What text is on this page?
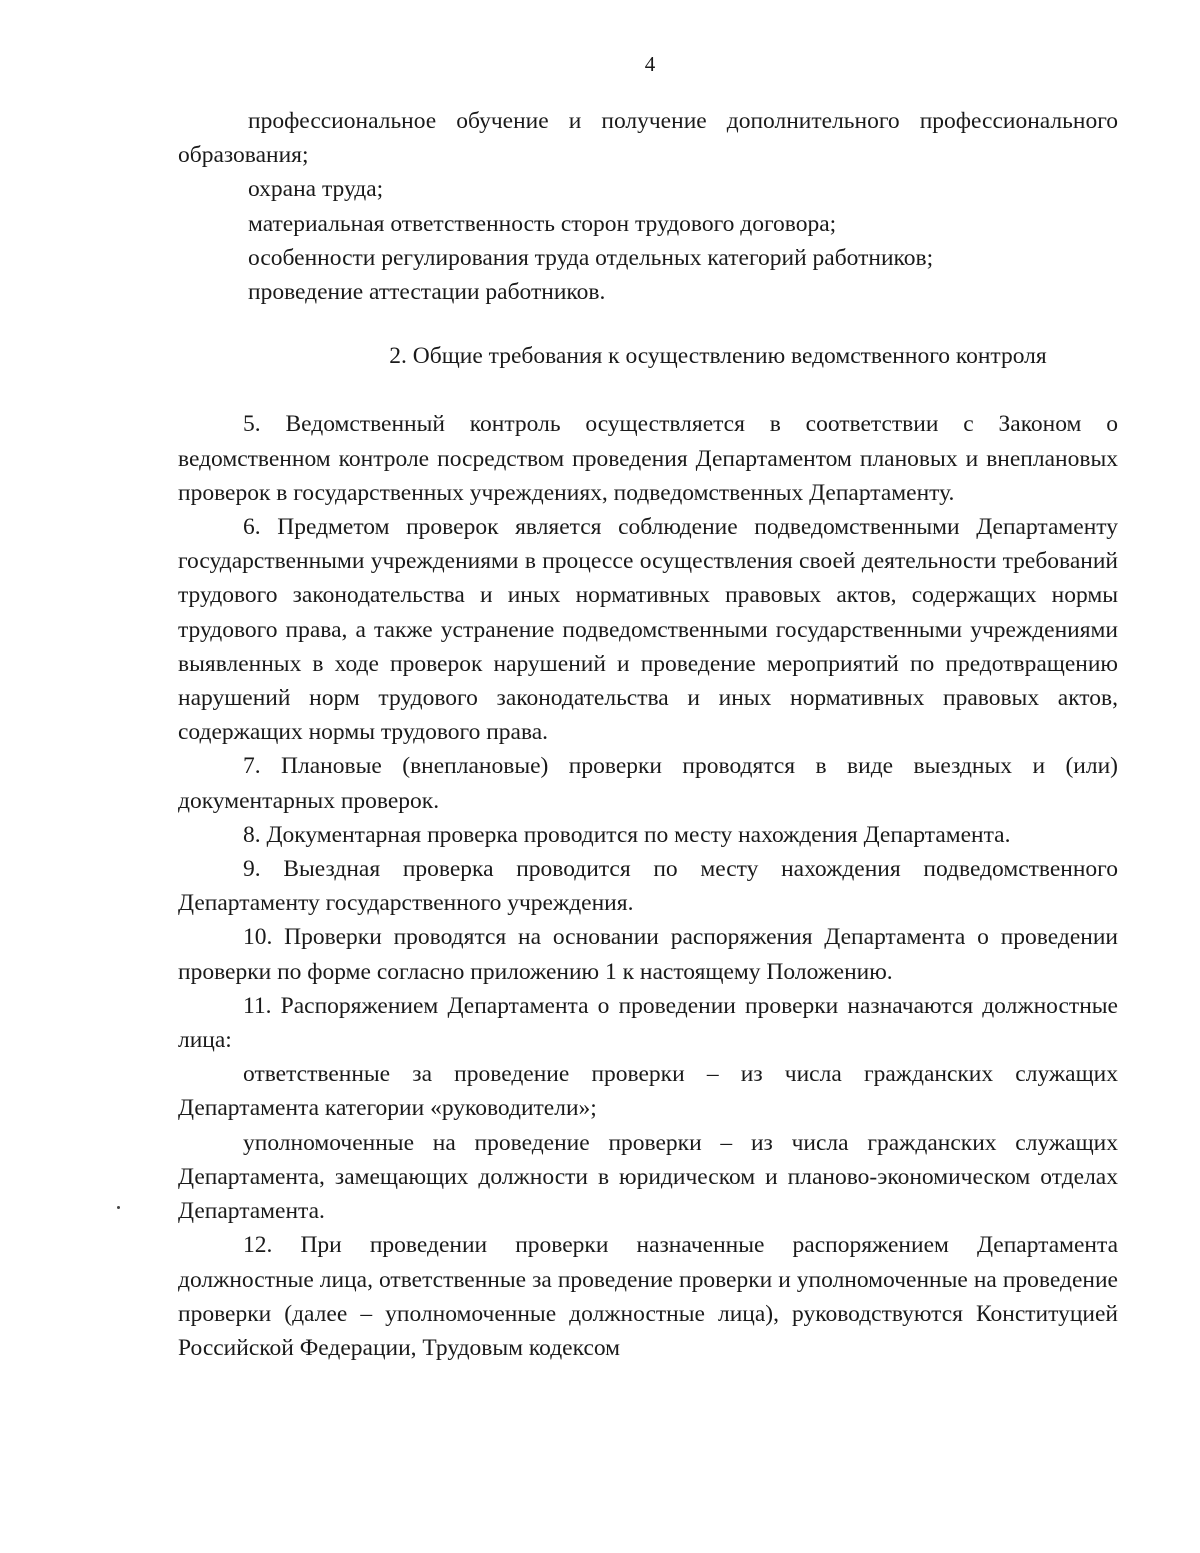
4

профессиональное обучение и получение дополнительного профессионального образования;

охрана труда;

материальная ответственность сторон трудового договора;

особенности регулирования труда отдельных категорий работников;

проведение аттестации работников.

2. Общие требования к осуществлению ведомственного контроля

5. Ведомственный контроль осуществляется в соответствии с Законом о ведомственном контроле посредством проведения Департаментом плановых и внеплановых проверок в государственных учреждениях, подведомственных Департаменту.

6. Предметом проверок является соблюдение подведомственными Департаменту государственными учреждениями в процессе осуществления своей деятельности требований трудового законодательства и иных нормативных правовых актов, содержащих нормы трудового права, а также устранение подведомственными государственными учреждениями выявленных в ходе проверок нарушений и проведение мероприятий по предотвращению нарушений норм трудового законодательства и иных нормативных правовых актов, содержащих нормы трудового права.

7. Плановые (внеплановые) проверки проводятся в виде выездных и (или) документарных проверок.

8. Документарная проверка проводится по месту нахождения Департамента.

9. Выездная проверка проводится по месту нахождения подведомственного Департаменту государственного учреждения.

10. Проверки проводятся на основании распоряжения Департамента о проведении проверки по форме согласно приложению 1 к настоящему Положению.

11. Распоряжением Департамента о проведении проверки назначаются должностные лица:

ответственные за проведение проверки – из числа гражданских служащих Департамента категории «руководители»;

уполномоченные на проведение проверки – из числа гражданских служащих Департамента, замещающих должности в юридическом и планово-экономическом отделах Департамента.

12. При проведении проверки назначенные распоряжением Департамента должностные лица, ответственные за проведение проверки и уполномоченные на проведение проверки (далее – уполномоченные должностные лица), руководствуются Конституцией Российской Федерации, Трудовым кодексом
